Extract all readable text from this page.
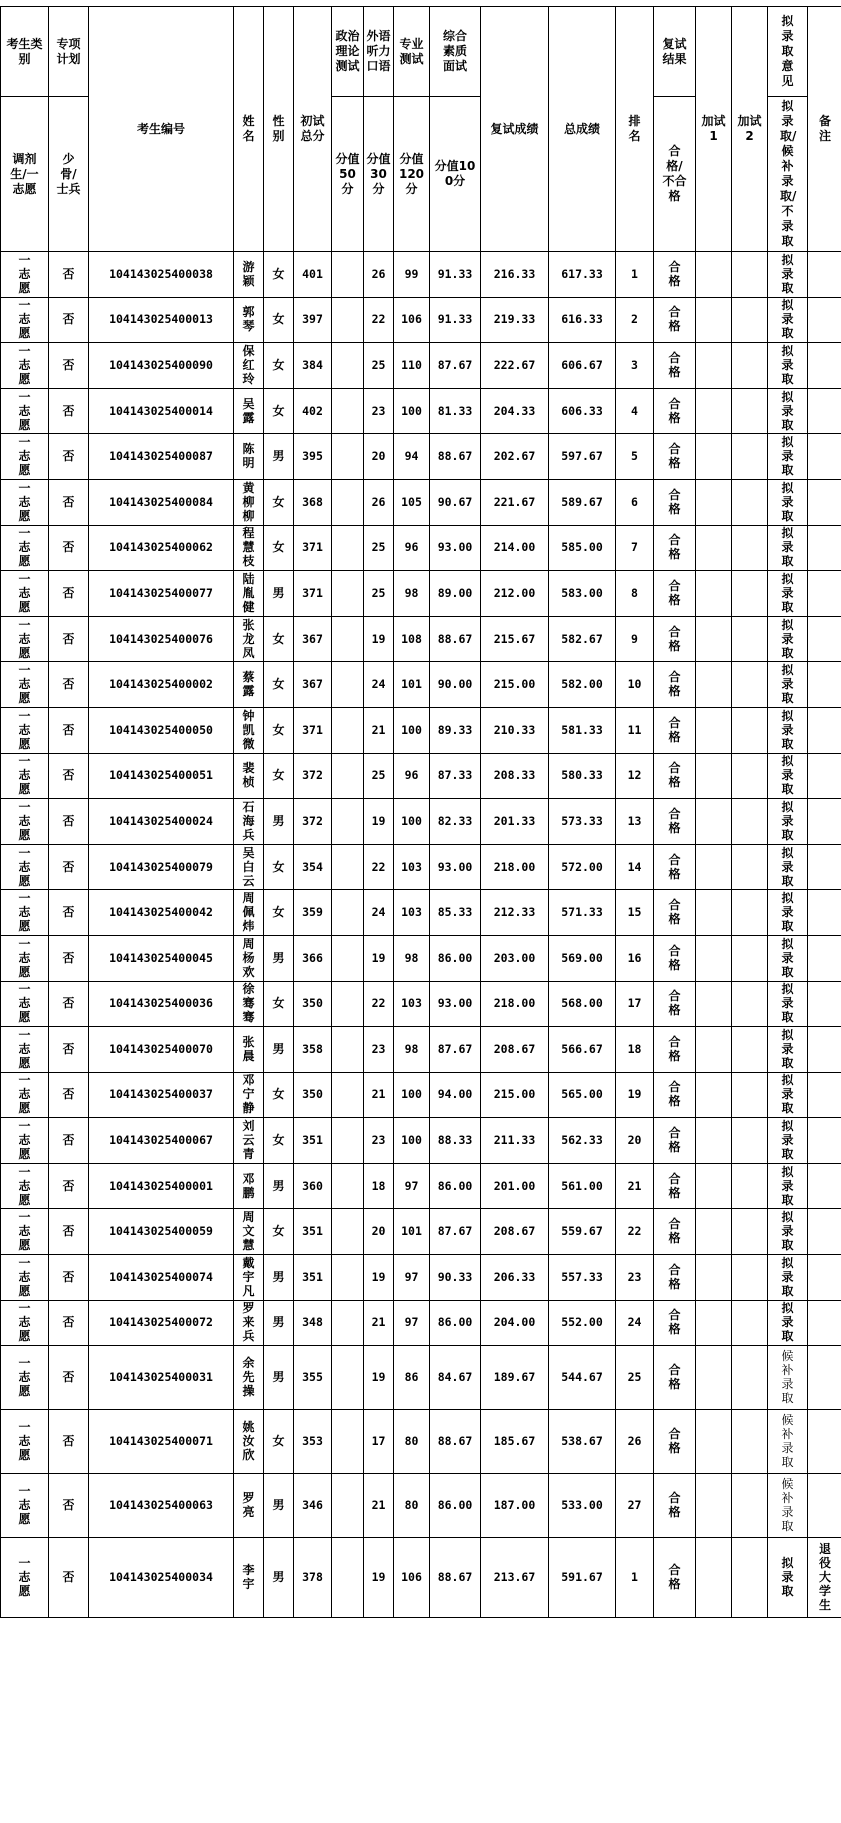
考生类别	专项计划	考生编号	姓名	性别	初试总分	政治理论测试	外语听力口语	专业测试	综合素质面试	复试成绩	总成绩	排名	复试结果	加试1	加试2	拟录取意见	备注
调剂生/一志愿	少骨/士兵					分值50分	分值30分	分值120分	分值100分				合格/不合格			拟录取/候补录取/不录取	
一志愿	否	104143025400038	游颖	女	401		26	99	91.33	216.33	617.33	1	合格			拟录取	
一志愿	否	104143025400013	郭琴	女	397		22	106	91.33	219.33	616.33	2	合格			拟录取	
一志愿	否	104143025400090	保红玲	女	384		25	110	87.67	222.67	606.67	3	合格			拟录取	
一志愿	否	104143025400014	吴露	女	402		23	100	81.33	204.33	606.33	4	合格			拟录取	
一志愿	否	104143025400087	陈明	男	395		20	94	88.67	202.67	597.67	5	合格			拟录取	
一志愿	否	104143025400084	黄柳柳	女	368		26	105	90.67	221.67	589.67	6	合格			拟录取	
一志愿	否	104143025400062	程慧枝	女	371		25	96	93.00	214.00	585.00	7	合格			拟录取	
一志愿	否	104143025400077	陆胤健	男	371		25	98	89.00	212.00	583.00	8	合格			拟录取	
一志愿	否	104143025400076	张龙凤	女	367		19	108	88.67	215.67	582.67	9	合格			拟录取	
一志愿	否	104143025400002	蔡露	女	367		24	101	90.00	215.00	582.00	10	合格			拟录取	
一志愿	否	104143025400050	钟凯微	女	371		21	100	89.33	210.33	581.33	11	合格			拟录取	
一志愿	否	104143025400051	裴桢	女	372		25	96	87.33	208.33	580.33	12	合格			拟录取	
一志愿	否	104143025400024	石海兵	男	372		19	100	82.33	201.33	573.33	13	合格			拟录取	
一志愿	否	104143025400079	吴白云	女	354		22	103	93.00	218.00	572.00	14	合格			拟录取	
一志愿	否	104143025400042	周佩炜	女	359		24	103	85.33	212.33	571.33	15	合格			拟录取	
一志愿	否	104143025400045	周杨欢	男	366		19	98	86.00	203.00	569.00	16	合格			拟录取	
一志愿	否	104143025400036	徐骞骞	女	350		22	103	93.00	218.00	568.00	17	合格			拟录取	
一志愿	否	104143025400070	张晨	男	358		23	98	87.67	208.67	566.67	18	合格			拟录取	
一志愿	否	104143025400037	邓宁静	女	350		21	100	94.00	215.00	565.00	19	合格			拟录取	
一志愿	否	104143025400067	刘云青	女	351		23	100	88.33	211.33	562.33	20	合格			拟录取	
一志愿	否	104143025400001	邓鹏	男	360		18	97	86.00	201.00	561.00	21	合格			拟录取	
一志愿	否	104143025400059	周文慧	女	351		20	101	87.67	208.67	559.67	22	合格			拟录取	
一志愿	否	104143025400074	戴宇凡	男	351		19	97	90.33	206.33	557.33	23	合格			拟录取	
一志愿	否	104143025400072	罗来兵	男	348		21	97	86.00	204.00	552.00	24	合格			拟录取	
一志愿	否	104143025400031	余先操	男	355		19	86	84.67	189.67	544.67	25	合格			候补录取	
一志愿	否	104143025400071	姚汝欣	女	353		17	80	88.67	185.67	538.67	26	合格			候补录取	
一志愿	否	104143025400063	罗亮	男	346		21	80	86.00	187.00	533.00	27	合格			候补录取	
一志愿	否	104143025400034	李宇	男	378		19	106	88.67	213.67	591.67	1	合格			拟录取	退役大学生
